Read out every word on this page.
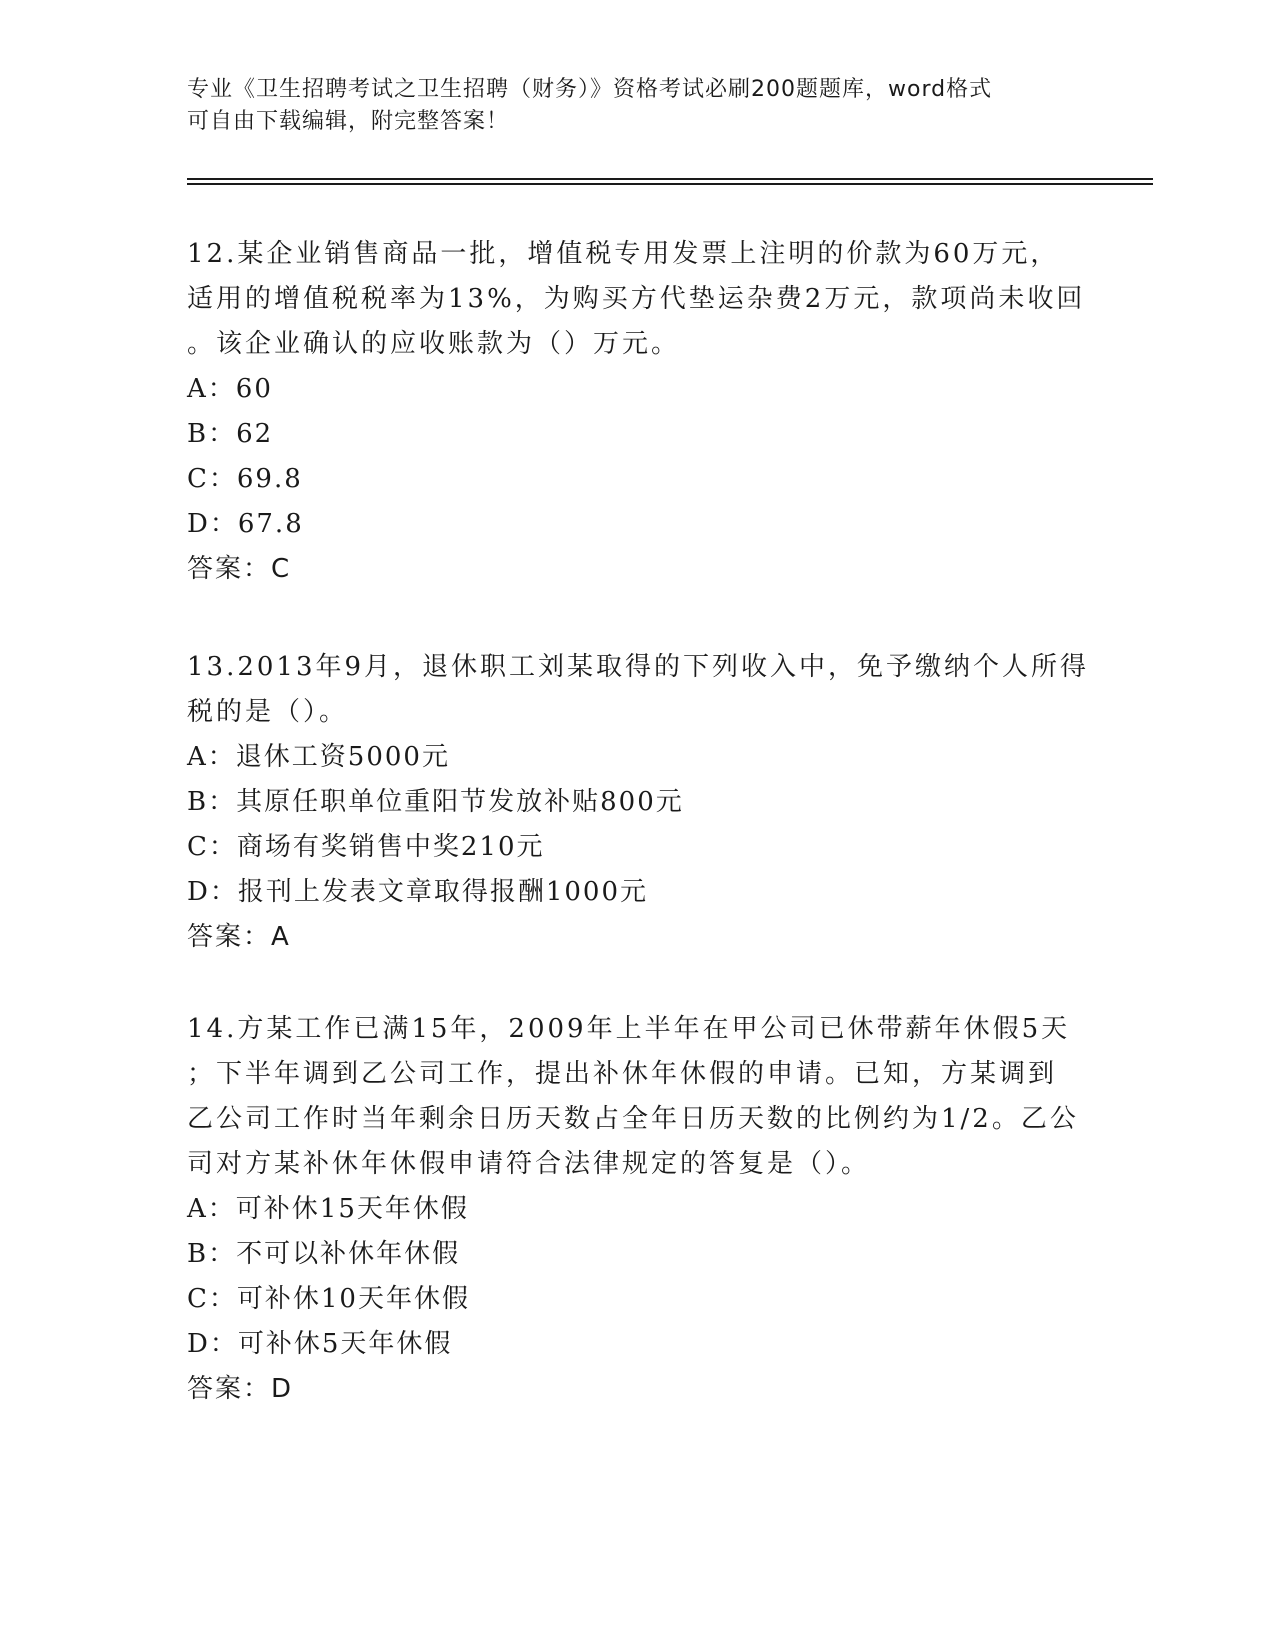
专业《卫生招聘考试之卫生招聘（财务）》资格考试必刷200题题库，word格式
可自由下载编辑，附完整答案！
12.某企业销售商品一批，增值税专用发票上注明的价款为60万元，
适用的增值税税率为13%，为购买方代垫运杂费2万元，款项尚未收回
。该企业确认的应收账款为（）万元。
A：60
B：62
C：69.8
D：67.8
答案：C
13.2013年9月，退休职工刘某取得的下列收入中，免予缴纳个人所得
税的是（）。
A：退休工资5000元
B：其原任职单位重阳节发放补贴800元
C：商场有奖销售中奖210元
D：报刊上发表文章取得报酬1000元
答案：A
14.方某工作已满15年，2009年上半年在甲公司已休带薪年休假5天
；下半年调到乙公司工作，提出补休年休假的申请。已知，方某调到
乙公司工作时当年剩余日历天数占全年日历天数的比例约为1/2。乙公
司对方某补休年休假申请符合法律规定的答复是（）。
A：可补休15天年休假
B：不可以补休年休假
C：可补休10天年休假
D：可补休5天年休假
答案：D
